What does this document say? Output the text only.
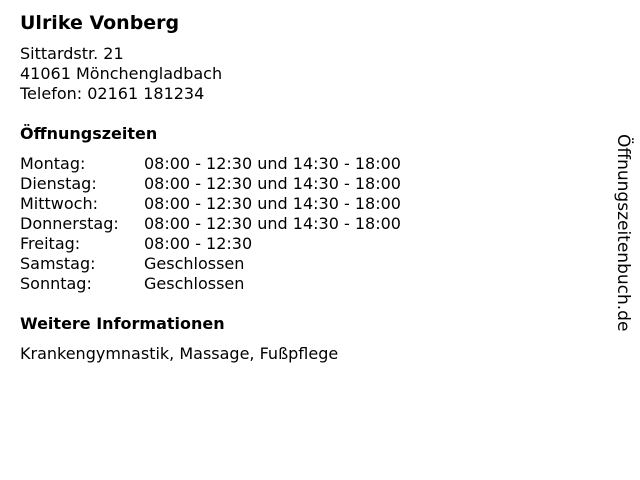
Ulrike Vonberg
Sittardstr. 21
41061 Mönchengladbach
Telefon: 02161 181234
Öffnungszeiten
Montag:	08:00 - 12:30 und 14:30 - 18:00
Dienstag:	08:00 - 12:30 und 14:30 - 18:00
Mittwoch:	08:00 - 12:30 und 14:30 - 18:00
Donnerstag:	08:00 - 12:30 und 14:30 - 18:00
Freitag:	08:00 - 12:30
Samstag:	Geschlossen
Sonntag:	Geschlossen
Weitere Informationen
Krankengymnastik, Massage, Fußpflege
Öffnungszeitenbuch.de
